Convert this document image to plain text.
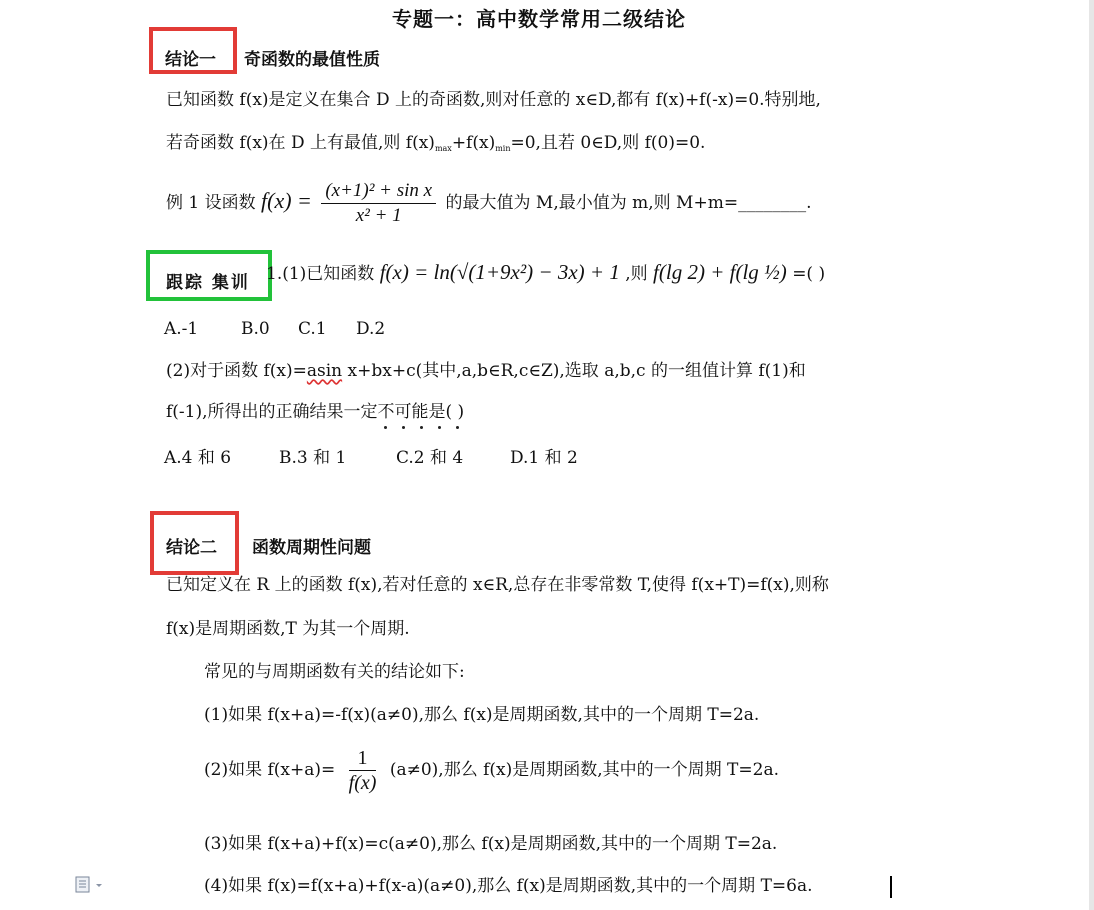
专题一：高中数学常用二级结论
结论一 奇函数的最值性质
已知函数 f(x)是定义在集合 D 上的奇函数,则对任意的 x∈D,都有 f(x)+f(-x)=0.特别地,
若奇函数 f(x)在 D 上有最值,则 $f(x)_{max}+f(x)_{min}=0$,且若 0∈D,则 f(0)=0.
例 1 设函数 $f(x) = \frac{\text{(x+1)² + sin x}}{\text{x² + 1}}$ 的最大值为 M,最小值为 m,则 M+m=________.
跟踪 集训 1.(1)已知函数 f(x) = ln(√(1+9x²) − 3x) + 1 ,则 f(lg 2) + f(lg ½) =( )
A.-1	B.0 C.1 D.2
(2)对于函数 f(x)=asin x+bx+c(其中,a,b∈R,c∈Z),选取 a,b,c 的一组值计算 f(1)和
f(-1),所得出的正确结果一定不可能是( )
A.4 和 6	B.3 和 1	C.2 和 4	D.1 和 2
结论二 函数周期性问题
已知定义在 R 上的函数 f(x),若对任意的 x∈R,总存在非零常数 T,使得 f(x+T)=f(x),则称
f(x)是周期函数,T 为其一个周期.
常见的与周期函数有关的结论如下:
(1)如果 f(x+a)=-f(x)(a≠0),那么 f(x)是周期函数,其中的一个周期 T=2a.
(2)如果 $f(x+a)= \frac{1}{f(x)} (a\ne 0)$,那么 f(x)是周期函数,其中的一个周期 T=2a.
(3)如果 f(x+a)+f(x)=c(a≠0),那么 f(x)是周期函数,其中的一个周期 T=2a.
(4)如果 f(x)=f(x+a)+f(x-a)(a≠0),那么 f(x)是周期函数,其中的一个周期 T=6a.
